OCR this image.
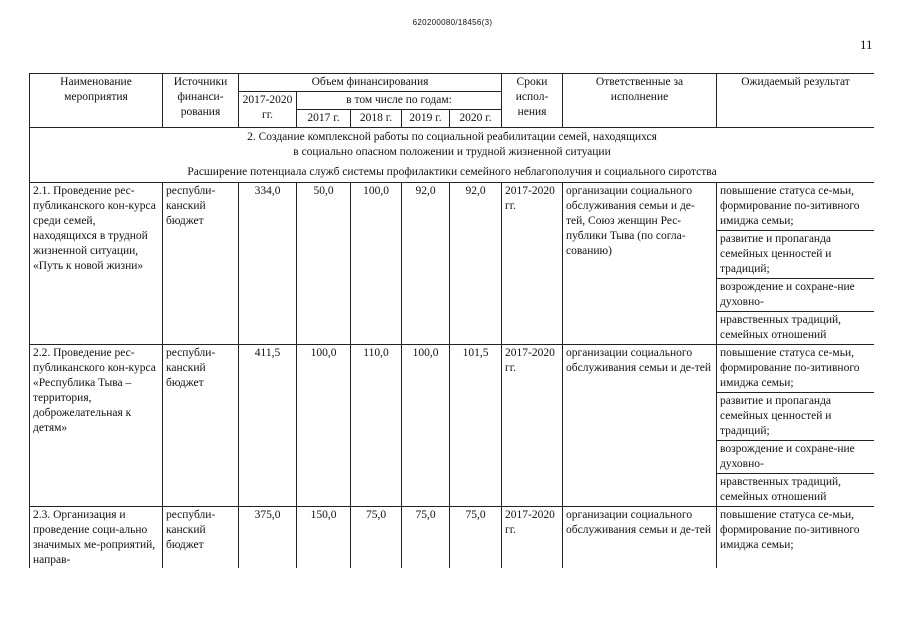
620200080/18456(3)
11
Наименование мероприятия	Источники финанси-рования	Объем финансирования					Сроки испол-нения	Ответственные за исполнение	Ожидаемый результат
		2017-2020 гг.	в том числе по годам:						
			2017 г.	2018 г.	2019 г.	2020 г.			

2. Создание комплексной работы по социальной реабилитации семей, находящихся
в социально опасном положении и трудной жизненной ситуации
Расширение потенциала служб системы профилактики семейного неблагополучия и социального сиротства									

2.1. Проведение рес-публиканского кон-курса среди семей, находящихся в трудной жизненной ситуации, «Путь к новой жизни»	республи-канский бюджет	334,0	50,0	100,0	92,0	92,0	2017-2020 гг.	организации социального обслуживания семьи и де-тей, Союз женщин Рес-публики Тыва (по согла-сованию)	повышение статуса се-мьи, формирование по-зитивного имиджа семьи;
развитие и пропаганда семейных ценностей и традиций;
возрождение и сохране-ние духовно-
нравственных традиций, семейных отношений

2.2. Проведение рес-публиканского кон-курса «Республика Тыва – территория, доброжелательная к детям»	республи-канский бюджет	411,5	100,0	110,0	100,0	101,5	2017-2020 гг.	организации социального обслуживания семьи и де-тей	повышение статуса се-мьи, формирование по-зитивного имиджа семьи;
развитие и пропаганда семейных ценностей и традиций;
возрождение и сохране-ние духовно-
нравственных традиций, семейных отношений

2.3. Организация и проведение соци-ально значимых ме-роприятий, направ-	республи-канский бюджет	375,0	150,0	75,0	75,0	75,0	2017-2020 гг.	организации социального обслуживания семьи и де-тей	повышение статуса се-мьи, формирование по-зитивного имиджа семьи;
